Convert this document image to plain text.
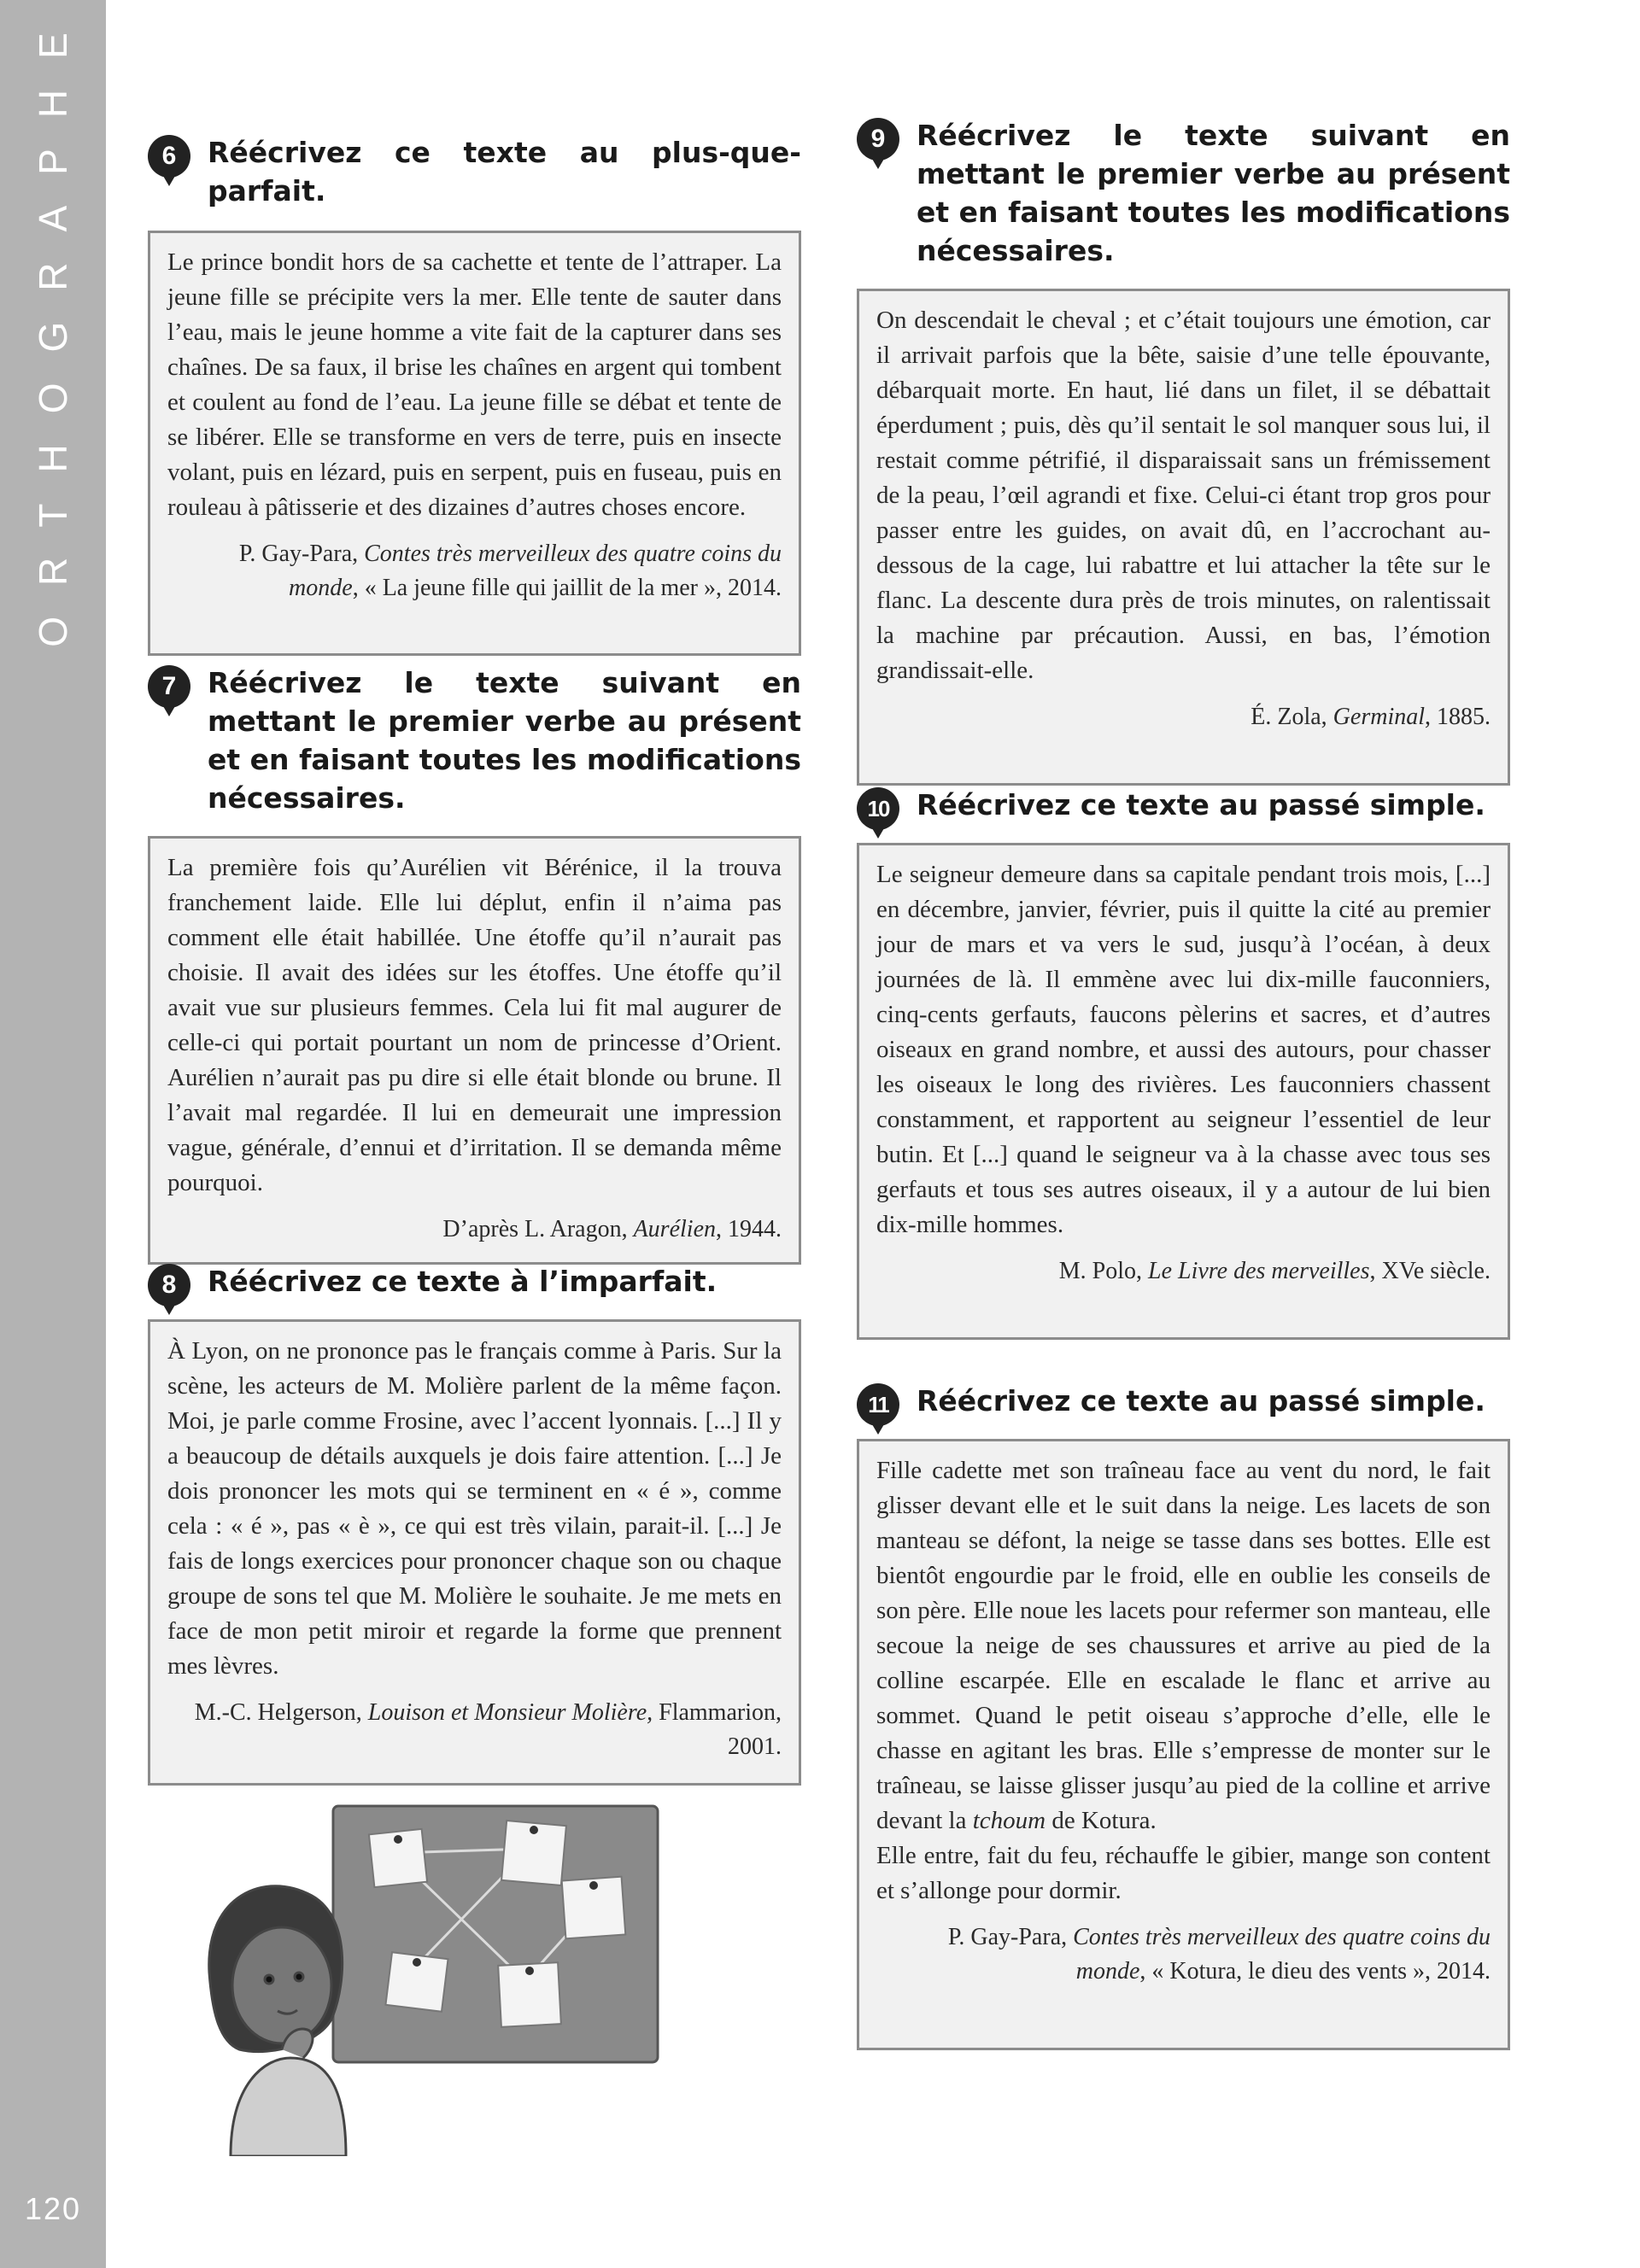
ORTHOGRAPHE
120
6	Réécrivez ce texte au plus-que-parfait.

Le prince bondit hors de sa cachette et tente de l’attraper. La jeune fille se précipite vers la mer. Elle tente de sauter dans l’eau, mais le jeune homme a vite fait de la capturer dans ses chaînes. De sa faux, il brise les chaînes en argent qui tombent et coulent au fond de l’eau. La jeune fille se débat et tente de se libérer. Elle se transforme en vers de terre, puis en insecte volant, puis en lézard, puis en serpent, puis en fuseau, puis en rouleau à pâtisserie et des dizaines d’autres choses encore.

P. Gay-Para, Contes très merveilleux des quatre coins du monde, « La jeune fille qui jaillit de la mer », 2014.
7	Réécrivez le texte suivant en mettant le premier verbe au présent et en faisant toutes les modifications nécessaires.

La première fois qu’Aurélien vit Bérénice, il la trouva franchement laide. Elle lui déplut, enfin il n’aima pas comment elle était habillée. Une étoffe qu’il n’aurait pas choisie. Il avait des idées sur les étoffes. Une étoffe qu’il avait vue sur plusieurs femmes. Cela lui fit mal augurer de celle-ci qui portait pourtant un nom de princesse d’Orient. Aurélien n’aurait pas pu dire si elle était blonde ou brune. Il l’avait mal regardée. Il lui en demeurait une impression vague, générale, d’ennui et d’irritation. Il se demanda même pourquoi.

D’après L. Aragon, Aurélien, 1944.
8	Réécrivez ce texte à l’imparfait.

À Lyon, on ne prononce pas le français comme à Paris. Sur la scène, les acteurs de M. Molière parlent de la même façon. Moi, je parle comme Frosine, avec l’accent lyonnais. [...] Il y a beaucoup de détails auxquels je dois faire attention. [...] Je dois prononcer les mots qui se terminent en « é », comme cela : « é », pas « è », ce qui est très vilain, parait-il. [...] Je fais de longs exercices pour prononcer chaque son ou chaque groupe de sons tel que M. Molière le souhaite. Je me mets en face de mon petit miroir et regarde la forme que prennent mes lèvres.

M.-C. Helgerson, Louison et Monsieur Molière, Flammarion, 2001.
9	Réécrivez le texte suivant en mettant le premier verbe au présent et en faisant toutes les modifications nécessaires.

On descendait le cheval ; et c’était toujours une émotion, car il arrivait parfois que la bête, saisie d’une telle épouvante, débarquait morte. En haut, lié dans un filet, il se débattait éperdument ; puis, dès qu’il sentait le sol manquer sous lui, il restait comme pétrifié, il disparaissait sans un frémissement de la peau, l’œil agrandi et fixe. Celui-ci étant trop gros pour passer entre les guides, on avait dû, en l’accrochant au-dessous de la cage, lui rabattre et lui attacher la tête sur le flanc. La descente dura près de trois minutes, on ralentissait la machine par précaution. Aussi, en bas, l’émotion grandissait-elle.

É. Zola, Germinal, 1885.
10 Réécrivez ce texte au passé simple.

Le seigneur demeure dans sa capitale pendant trois mois, [...] en décembre, janvier, février, puis il quitte la cité au premier jour de mars et va vers le sud, jusqu’à l’océan, à deux journées de là. Il emmène avec lui dix-mille fauconniers, cinq-cents gerfauts, faucons pèlerins et sacres, et d’autres oiseaux en grand nombre, et aussi des autours, pour chasser les oiseaux le long des rivières. Les fauconniers chassent constamment, et rapportent au seigneur l’essentiel de leur butin. Et [...] quand le seigneur va à la chasse avec tous ses gerfauts et tous ses autres oiseaux, il y a autour de lui bien dix-mille hommes.

M. Polo, Le Livre des merveilles, XVe siècle.
11	Réécrivez ce texte au passé simple.

Fille cadette met son traîneau face au vent du nord, le fait glisser devant elle et le suit dans la neige. Les lacets de son manteau se défont, la neige se tasse dans ses bottes. Elle est bientôt engourdie par le froid, elle en oublie les conseils de son père. Elle noue les lacets pour refermer son manteau, elle secoue la neige de ses chaussures et arrive au pied de la colline escarpée. Elle en escalade le flanc et arrive au sommet. Quand le petit oiseau s’approche d’elle, elle le chasse en agitant les bras. Elle s’empresse de monter sur le traîneau, se laisse glisser jusqu’au pied de la colline et arrive devant la tchoum de Kotura.

Elle entre, fait du feu, réchauffe le gibier, mange son content et s’allonge pour dormir.

P. Gay-Para, Contes très merveilleux des quatre coins du monde, « Kotura, le dieu des vents », 2014.
